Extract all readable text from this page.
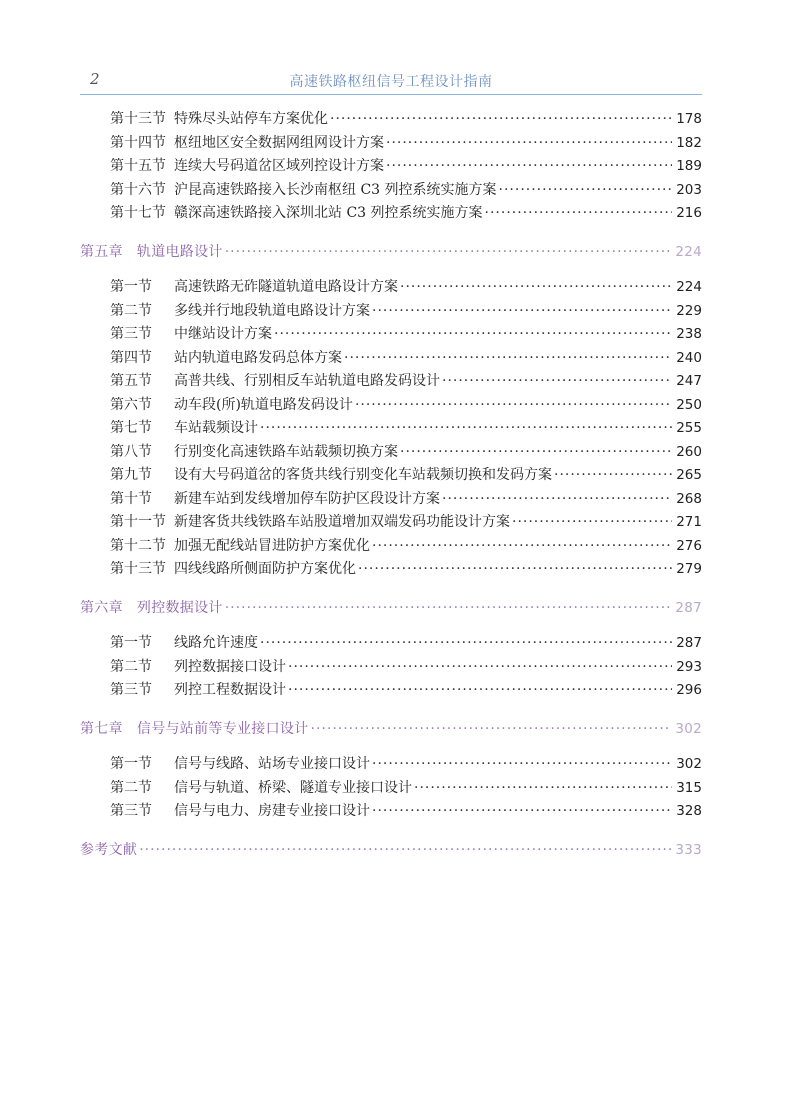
2	高速铁路枢纽信号工程设计指南
第十三节 特殊尽头站停车方案优化 ·····	178
第十四节 枢纽地区安全数据网组网设计方案 ·····	182
第十五节 连续大号码道岔区域列控设计方案 ·····	189
第十六节 沪昆高速铁路接入长沙南枢纽 C3 列控系统实施方案 ·····	203
第十七节 赣深高速铁路接入深圳北站 C3 列控系统实施方案 ·····	216
第五章 轨道电路设计 ·····	224
第一节	高速铁路无砟隧道轨道电路设计方案 ·····	224
第二节	多线并行地段轨道电路设计方案 ·····	229
第三节	中继站设计方案 ·····	238
第四节	站内轨道电路发码总体方案 ·····	240
第五节	高普共线、行别相反车站轨道电路发码设计 ·····	247
第六节	动车段(所)轨道电路发码设计 ·····	250
第七节	车站载频设计 ·····	255
第八节	行别变化高速铁路车站载频切换方案 ·····	260
第九节	设有大号码道岔的客货共线行别变化车站载频切换和发码方案 ·····	265
第十节	新建车站到发线增加停车防护区段设计方案 ·····	268
第十一节 新建客货共线铁路车站股道增加双端发码功能设计方案 ·····	271
第十二节 加强无配线站冒进防护方案优化 ·····	276
第十三节 四线线路所侧面防护方案优化 ·····	279
第六章 列控数据设计 ·····	287
第一节	线路允许速度 ·····	287
第二节	列控数据接口设计 ·····	293
第三节	列控工程数据设计 ·····	296
第七章 信号与站前等专业接口设计 ·····	302
第一节	信号与线路、站场专业接口设计 ·····	302
第二节	信号与轨道、桥梁、隧道专业接口设计 ·····	315
第三节	信号与电力、房建专业接口设计 ·····	328
参考文献 ·····	333
